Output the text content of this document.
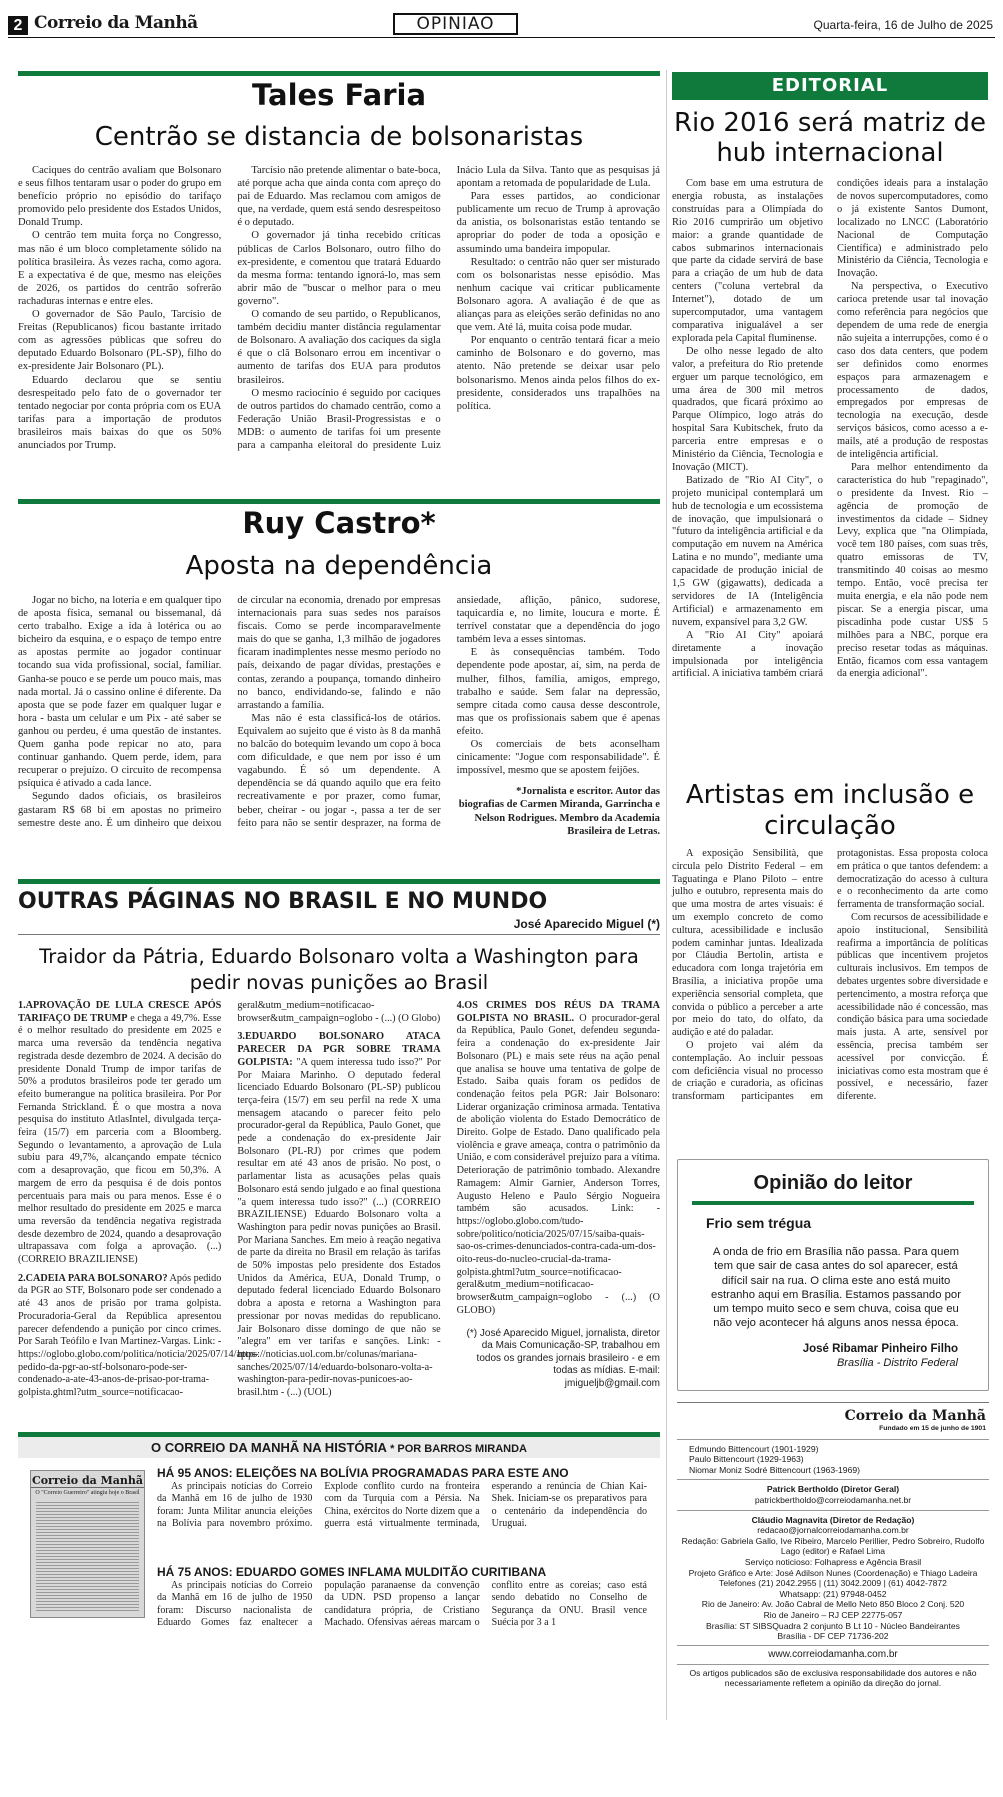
2 Correio da Manhã	OPINIÃO	Quarta-feira, 16 de Julho de 2025
Tales Faria
Centrão se distancia de bolsonaristas

Caciques do centrão avaliam que Bolsonaro e seus filhos tentaram usar o poder do grupo em benefício próprio no episódio do tarifaço promovido pelo presidente dos Estados Unidos, Donald Trump.

O centrão tem muita força no Congresso, mas não é um bloco completamente sólido na política brasileira. Às vezes racha, como agora. E a expectativa é de que, mesmo nas eleições de 2026, os partidos do centrão sofrerão rachaduras internas e entre eles.

O governador de São Paulo, Tarcísio de Freitas (Republicanos) ficou bastante irritado com as agressões públicas que sofreu do deputado Eduardo Bolsonaro (PL-SP), filho do ex-presidente Jair Bolsonaro (PL).

Eduardo declarou que se sentiu desrespeitado pelo fato de o governador ter tentado negociar por conta própria com os EUA tarifas para a importação de produtos brasileiros mais baixas do que os 50% anunciados por Trump.

Tarcísio não pretende alimentar o bate-boca, até porque acha que ainda conta com apreço do pai de Eduardo. Mas reclamou com amigos de que, na verdade, quem está sendo desrespeitoso é o deputado.

O governador já tinha recebido críticas públicas de Carlos Bolsonaro, outro filho do ex-presidente, e comentou que tratará Eduardo da mesma forma: tentando ignorá-lo, mas sem abrir mão de "buscar o melhor para o meu governo".

O comando de seu partido, o Republicanos, também decidiu manter distância regulamentar de Bolsonaro. A avaliação dos caciques da sigla é que o clã Bolsonaro errou em incentivar o aumento de tarifas dos EUA para produtos brasileiros.

O mesmo raciocínio é seguido por caciques de outros partidos do chamado centrão, como a Federação União Brasil-Progressistas e o MDB: o aumento de tarifas foi um presente para a campanha eleitoral do presidente Luiz Inácio Lula da Silva. Tanto que as pesquisas já apontam a retomada de popularidade de Lula.

Para esses partidos, ao condicionar publicamente um recuo de Trump à aprovação da anistia, os bolsonaristas estão tentando se apropriar do poder de toda a oposição e assumindo uma bandeira impopular.

Resultado: o centrão não quer ser misturado com os bolsonaristas nesse episódio. Mas nenhum cacique vai criticar publicamente Bolsonaro agora. A avaliação é de que as alianças para as eleições serão definidas no ano que vem. Até lá, muita coisa pode mudar.

Por enquanto o centrão tentará ficar a meio caminho de Bolsonaro e do governo, mas atento. Não pretende se deixar usar pelo bolsonarismo. Menos ainda pelos filhos do ex-presidente, considerados uns trapalhões na política.

Ruy Castro*
Aposta na dependência

Jogar no bicho, na loteria e em qualquer tipo de aposta física, semanal ou bissemanal, dá certo trabalho. Exige a ida à lotérica ou ao bicheiro da esquina, e o espaço de tempo entre as apostas permite ao jogador continuar tocando sua vida profissional, social, familiar. Ganha-se pouco e se perde um pouco mais, mas nada mortal. Já o cassino online é diferente. Da aposta que se pode fazer em qualquer lugar e hora - basta um celular e um Pix - até saber se ganhou ou perdeu, é uma questão de instantes. Quem ganha pode repicar no ato, para continuar ganhando. Quem perde, idem, para recuperar o prejuízo. O circuito de recompensa psíquica é ativado a cada lance.

Segundo dados oficiais, os brasileiros gastaram R$ 68 bi em apostas no primeiro semestre deste ano. É um dinheiro que deixou de circular na economia, drenado por empresas internacionais para suas sedes nos paraísos fiscais. Como se perde incomparavelmente mais do que se ganha, 1,3 milhão de jogadores ficaram inadimplentes nesse mesmo período no país, deixando de pagar dívidas, prestações e contas, zerando a poupança, tomando dinheiro no banco, endividando-se, falindo e não arrastando a família.

Mas não é esta classificá-los de otários. Equivalem ao sujeito que é visto às 8 da manhã no balcão do botequim levando um copo à boca com dificuldade, e que nem por isso é um vagabundo. É só um dependente. A dependência se dá quando aquilo que era feito recreativamente e por prazer, como fumar, beber, cheirar - ou jogar -, passa a ter de ser feito para não se sentir desprazer, na forma de ansiedade, aflição, pânico, sudorese, taquicardia e, no limite, loucura e morte. É terrível constatar que a dependência do jogo também leva a esses sintomas.

E às consequências também. Todo dependente pode apostar, aí, sim, na perda de mulher, filhos, família, amigos, emprego, trabalho e saúde. Sem falar na depressão, sempre citada como causa desse descontrole, mas que os profissionais sabem que é apenas efeito.

Os comerciais de bets aconselham cinicamente: "Jogue com responsabilidade". É impossível, mesmo que se apostem feijões.

*Jornalista e escritor. Autor das biografias de Carmen Miranda, Garrincha e Nelson Rodrigues. Membro da Academia Brasileira de Letras.

OUTRAS PÁGINAS NO BRASIL E NO MUNDO
José Aparecido Miguel (*)
Traidor da Pátria, Eduardo Bolsonaro volta a Washington para pedir novas punições ao Brasil

1.APROVAÇÃO DE LULA CRESCE APÓS TARIFAÇO DE TRUMP e chega a 49,7%. Esse é o melhor resultado do presidente em 2025 e marca uma reversão da tendência negativa registrada desde dezembro de 2024. A decisão do presidente Donald Trump de impor tarifas de 50% a produtos brasileiros pode ter gerado um efeito bumerangue na política brasileira. Por Por Fernanda Strickland. É o que mostra a nova pesquisa do instituto AtlasIntel, divulgada terça-feira (15/7) em parceria com a Bloomberg. Segundo o levantamento, a aprovação de Lula subiu para 49,7%, alcançando empate técnico com a desaprovação, que ficou em 50,3%. A margem de erro da pesquisa é de dois pontos percentuais para mais ou para menos. Esse é o melhor resultado do presidente em 2025 e marca uma reversão da tendência negativa registrada desde dezembro de 2024, quando a desaprovação ultrapassava com folga a aprovação. (...) (CORREIO BRAZILIENSE)

2.CADEIA PARA BOLSONARO? Após pedido da PGR ao STF, Bolsonaro pode ser condenado a até 43 anos de prisão por trama golpista. Procuradoria-Geral da República apresentou parecer defendendo a punição por cinco crimes. Por Sarah Teófilo e Ivan Martinez-Vargas. Link: - https://oglobo.globo.com/politica/noticia/2025/07/14/apos-pedido-da-pgr-ao-stf-bolsonaro-pode-ser-condenado-a-ate-43-anos-de-prisao-por-trama-golpista.ghtml?utm_source=notificacao-geral&utm_medium=notificacao-browser&utm_campaign=oglobo - (...) (O Globo)

3.EDUARDO BOLSONARO ATACA PARECER DA PGR SOBRE TRAMA GOLPISTA: "A quem interessa tudo isso?" Por Por Maiara Marinho. O deputado federal licenciado Eduardo Bolsonaro (PL-SP) publicou terça-feira (15/7) em seu perfil na rede X uma mensagem atacando o parecer feito pelo procurador-geral da República, Paulo Gonet, que pede a condenação do ex-presidente Jair Bolsonaro (PL-RJ) por crimes que podem resultar em até 43 anos de prisão. No post, o parlamentar lista as acusações pelas quais Bolsonaro está sendo julgado e ao final questiona "a quem interessa tudo isso?" (...) (CORREIO BRAZILIENSE) Eduardo Bolsonaro volta a Washington para pedir novas punições ao Brasil. Por Mariana Sanches. Em meio à reação negativa de parte da direita no Brasil em relação às tarifas de 50% impostas pelo presidente dos Estados Unidos da América, EUA, Donald Trump, o deputado federal licenciado Eduardo Bolsonaro dobra a aposta e retorna a Washington para pressionar por novas medidas do republicano. Jair Bolsonaro disse domingo de que não se "alegra" em ver tarifas e sanções. Link: - https://noticias.uol.com.br/colunas/mariana-sanches/2025/07/14/eduardo-bolsonaro-volta-a-washington-para-pedir-novas-punicoes-ao-brasil.htm - (...) (UOL)

4.OS CRIMES DOS RÉUS DA TRAMA GOLPISTA NO BRASIL. O procurador-geral da República, Paulo Gonet, defendeu segunda-feira a condenação do ex-presidente Jair Bolsonaro (PL) e mais sete réus na ação penal que analisa se houve uma tentativa de golpe de Estado. Saiba quais foram os pedidos de condenação feitos pela PGR: Jair Bolsonaro: Liderar organização criminosa armada. Tentativa de abolição violenta do Estado Democrático de Direito. Golpe de Estado. Dano qualificado pela violência e grave ameaça, contra o patrimônio da União, e com considerável prejuízo para a vítima. Deterioração de patrimônio tombado. Alexandre Ramagem: Almir Garnier, Anderson Torres, Augusto Heleno e Paulo Sérgio Nogueira também são acusados. Link: - https://oglobo.globo.com/tudo-sobre/politico/noticia/2025/07/15/saiba-quais-sao-os-crimes-denunciados-contra-cada-um-dos-oito-reus-do-nucleo-crucial-da-trama-golpista.ghtml?utm_source=notificacao-geral&utm_medium=notificacao-browser&utm_campaign=oglobo - (...) (O GLOBO)

(*) José Aparecido Miguel, jornalista, diretor da Mais Comunicação-SP, trabalhou em todos os grandes jornais brasileiro - e em todas as mídias. E-mail: jmigueljb@gmail.com

O CORREIO DA MANHÃ NA HISTÓRIA * POR BARROS MIRANDA
Correio da Manhã
O "Correio Guerreiro" atingiu hoje o Brasil
HÁ 95 ANOS: ELEIÇÕES NA BOLÍVIA PROGRAMADAS PARA ESTE ANO

As principais notícias do Correio da Manhã em 16 de julho de 1930 foram: Junta Militar anuncia eleições na Bolívia para novembro próximo. Explode conflito curdo na fronteira com da Turquia com a Pérsia. Na China, exércitos do Norte dizem que a guerra está virtualmente terminada, esperando a renúncia de Chian Kai-Shek. Iniciam-se os preparativos para o centenário da independência do Uruguai.

HÁ 75 ANOS: EDUARDO GOMES INFLAMA MULDITÃO CURITIBANA

As principais notícias do Correio da Manhã em 16 de julho de 1950 foram: Discurso nacionalista de Eduardo Gomes faz enaltecer a população paranaense da convenção da UDN. PSD propenso a lançar candidatura própria, de Cristiano Machado. Ofensivas aéreas marcam o conflito entre as coreias; caso está sendo debatido no Conselho de Segurança da ONU. Brasil vence Suécia por 3 a 1

EDITORIAL
Rio 2016 será matriz de hub internacional

Com base em uma estrutura de energia robusta, as instalações construídas para a Olimpíada do Rio 2016 cumprirão um objetivo maior: a grande quantidade de cabos submarinos internacionais que parte da cidade servirá de base para a criação de um hub de data centers ("coluna vertebral da Internet"), dotado de um supercomputador, uma vantagem comparativa inigualável a ser explorada pela Capital fluminense.

De olho nesse legado de alto valor, a prefeitura do Rio pretende erguer um parque tecnológico, em uma área de 300 mil metros quadrados, que ficará próximo ao Parque Olímpico, logo atrás do hospital Sara Kubitschek, fruto da parceria entre empresas e o Ministério da Ciência, Tecnologia e Inovação (MICT).

Batizado de "Rio AI City", o projeto municipal contemplará um hub de tecnologia e um ecossistema de inovação, que impulsionará o "futuro da inteligência artificial e da computação em nuvem na América Latina e no mundo", mediante uma capacidade de produção inicial de 1,5 GW (gigawatts), dedicada a servidores de IA (Inteligência Artificial) e armazenamento em nuvem, expansível para 3,2 GW.

A "Rio AI City" apoiará diretamente a inovação impulsionada por inteligência artificial. A iniciativa também criará condições ideais para a instalação de novos supercomputadores, como o já existente Santos Dumont, localizado no LNCC (Laboratório Nacional de Computação Científica) e administrado pelo Ministério da Ciência, Tecnologia e Inovação.

Na perspectiva, o Executivo carioca pretende usar tal inovação como referência para negócios que dependem de uma rede de energia não sujeita a interrupções, como é o caso dos data centers, que podem ser definidos como enormes espaços para armazenagem e processamento de dados, empregados por empresas de tecnologia na execução, desde serviços básicos, como acesso a e-mails, até a produção de respostas de inteligência artificial.

Para melhor entendimento da característica do hub "repaginado", o presidente da Invest. Rio – agência de promoção de investimentos da cidade – Sidney Levy, explica que "na Olimpíada, você tem 180 países, com suas três, quatro emissoras de TV, transmitindo 40 coisas ao mesmo tempo. Então, você precisa ter muita energia, e ela não pode nem piscar. Se a energia piscar, uma piscadinha pode custar US$ 5 milhões para a NBC, porque era preciso resetar todas as máquinas. Então, ficamos com essa vantagem da energia adicional".

Artistas em inclusão e circulação

A exposição Sensibilità, que circula pelo Distrito Federal – em Taguatinga e Plano Piloto – entre julho e outubro, representa mais do que uma mostra de artes visuais: é um exemplo concreto de como cultura, acessibilidade e inclusão podem caminhar juntas. Idealizada por Cláudia Bertolin, artista e educadora com longa trajetória em Brasília, a iniciativa propõe uma experiência sensorial completa, que convida o público a perceber a arte por meio do tato, do olfato, da audição e até do paladar.

O projeto vai além da contemplação. Ao incluir pessoas com deficiência visual no processo de criação e curadoria, as oficinas transformam participantes em protagonistas. Essa proposta coloca em prática o que tantos defendem: a democratização do acesso à cultura e o reconhecimento da arte como ferramenta de transformação social.

Com recursos de acessibilidade e apoio institucional, Sensibilità reafirma a importância de políticas públicas que incentivem projetos culturais inclusivos. Em tempos de debates urgentes sobre diversidade e pertencimento, a mostra reforça que acessibilidade não é concessão, mas condição básica para uma sociedade mais justa. A arte, sensível por essência, precisa também ser acessível por convicção. É iniciativas como esta mostram que é possível, e necessário, fazer diferente.

Opinião do leitor
Frio sem trégua
A onda de frio em Brasília não passa. Para quem tem que sair de casa antes do sol aparecer, está difícil sair na rua. O clima este ano está muito estranho aqui em Brasília. Estamos passando por um tempo muito seco e sem chuva, coisa que eu não vejo acontecer há alguns anos nessa época.
José Ribamar Pinheiro Filho
Brasília - Distrito Federal
Correio da Manhã
Fundado em 15 de junho de 1901

Edmundo Bittencourt (1901-1929)

Paulo Bittencourt (1929-1963)

Niomar Moniz Sodré Bittencourt (1963-1969)

Patrick Bertholdo (Diretor Geral)

patrickbertholdo@correiodamanha.net.br

Cláudio Magnavita (Diretor de Redação)

redacao@jornalcorreiodamanha.com.br

Redação: Gabriela Gallo, Ive Ribeiro, Marcelo Perillier, Pedro Sobreiro, Rudolfo Lago (editor) e Rafael Lima

Serviço noticioso: Folhapress e Agência Brasil

Projeto Gráfico e Arte: José Adilson Nunes (Coordenação) e Thiago Ladeira

Telefones (21) 2042.2955 | (11) 3042.2009 | (61) 4042-7872

Whatsapp: (21) 97948-0452

Rio de Janeiro: Av. João Cabral de Mello Neto 850 Bloco 2 Conj. 520

Rio de Janeiro – RJ CEP 22775-057

Brasília: ST SIBSQuadra 2 conjunto B Lt 10 - Núcleo Bandeirantes

Brasília - DF CEP 71736-202

www.correiodamanha.com.br

Os artigos publicados são de exclusiva responsabilidade dos autores e não necessariamente refletem a opinião da direção do jornal.
